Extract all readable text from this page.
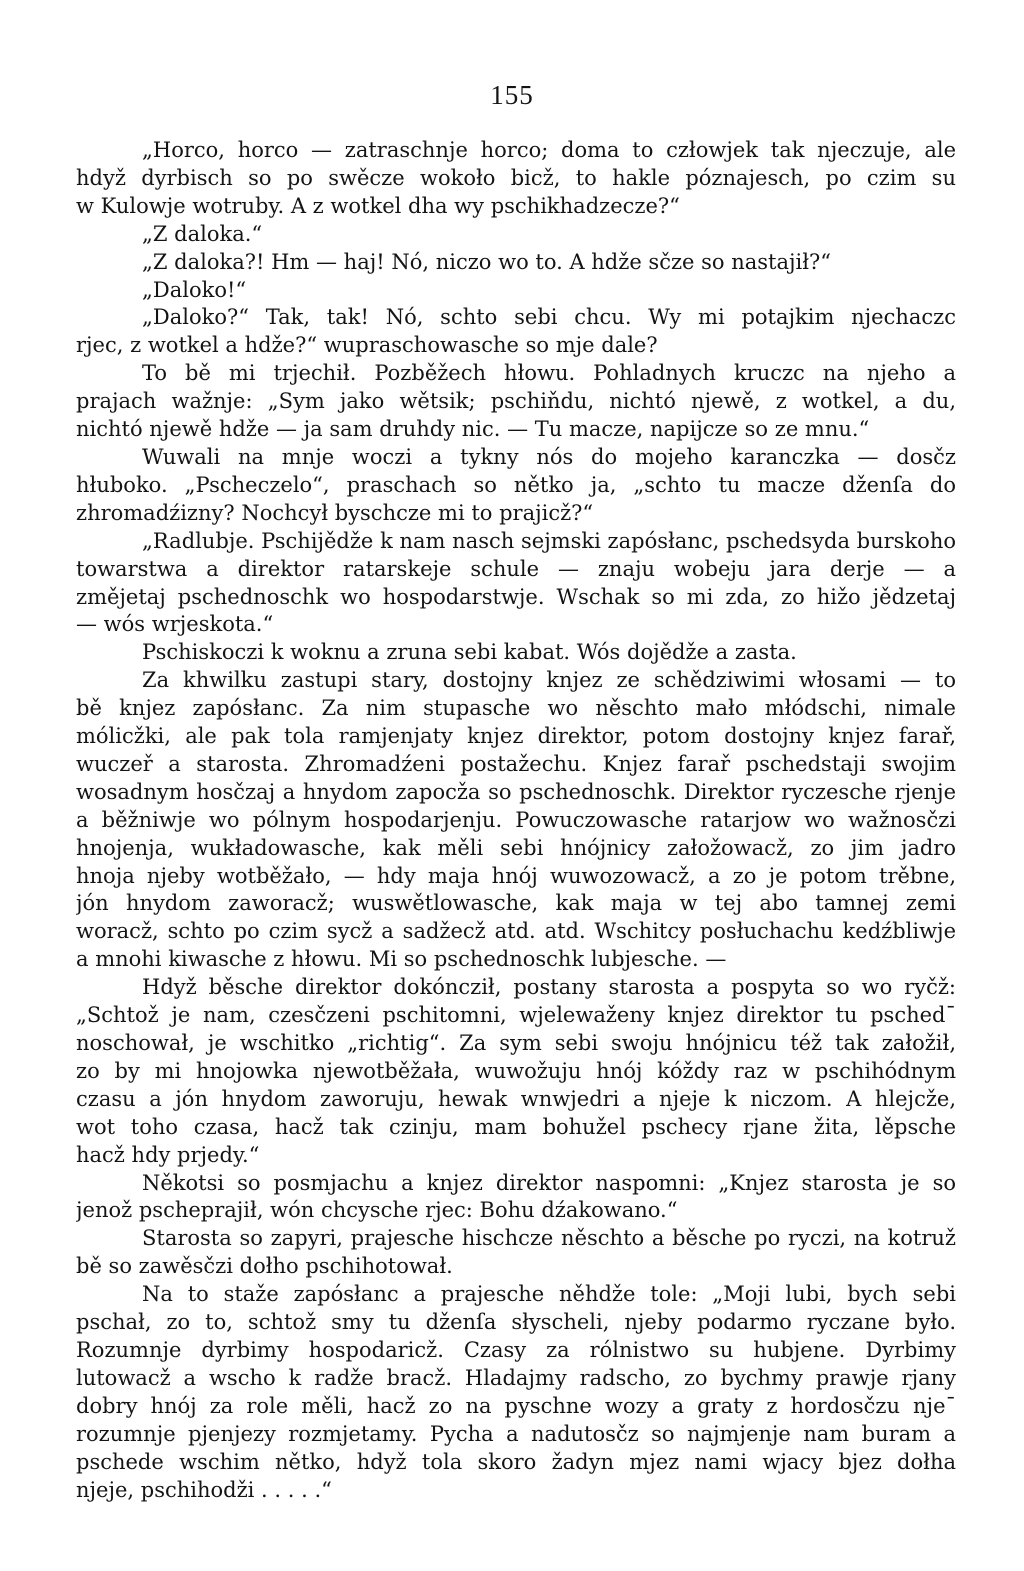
155
„Horco, horco — zatraschnje horco; doma to człowjek tak njeczuje, ale
hdyž dyrbisch so po swěcze wokoło bicž, to hakle póznajesch, po czim su
w Kulowje wotruby. A z wotkel dha wy pschikhadzecze?“
„Z daloka.“
„Z daloka?! Hm — haj! Nó, niczo wo to. A hdže sčze so nastajił?“
„Daloko!“
„Daloko?“ Tak, tak! Nó, schto sebi chcu. Wy mi potajkim njechaczc
rjec, z wotkel a hdže?“ wupraschowasche so mje dale?
To bě mi trjechił. Pozběžech hłowu. Pohladnych kruczc na njeho a
prajach wažnje: „Sym jako wětsik; pschiňdu, nichtó njewě, z wotkel, a du,
nichtó njewě hdže — ja sam druhdy nic. — Tu macze, napijcze so ze mnu.“
Wuwali na mnje woczi a tykny nós do mojeho karanczka — dosčz
hłuboko. „Pscheczelo“, praschach so nětko ja, „schto tu macze dženſa do
zhromadźizny? Nochcył byschcze mi to prajicž?“
„Radlubje. Pschijědže k nam nasch sejmski zapósłanc, pschedsyda burskoho
towarstwa a direktor ratarskeje schule — znaju wobeju jara derje — a
změjetaj pschednoschk wo hospodarstwje. Wschak so mi zda, zo hižo jědzetaj
— wós wrjeskota.“
Pschiskoczi k woknu a zruna sebi kabat. Wós dojědže a zasta.
Za khwilku zastupi stary, dostojny knjez ze schědziwimi włosami — to
bě knjez zapósłanc. Za nim stupasche wo něschto mało młódschi, nimale
mólicžki, ale pak tola ramjenjaty knjez direktor, potom dostojny knjez farař,
wuczeř a starosta. Zhromadźeni postažechu. Knjez farař pschedstaji swojim
wosadnym hosčzaj a hnydom zapocža so pschednoschk. Direktor ryczesche rjenje
a běžniwje wo pólnym hospodarjenju. Powuczowasche ratarjow wo wažnosčzi
hnojenja, wukładowasche, kak měli sebi hnójnicy załožowacž, zo jim jadro
hnoja njeby wotběžało, — hdy maja hnój wuwozowacž, a zo je potom trěbne,
jón hnydom zaworacž; wuswětlowasche, kak maja w tej abo tamnej zemi
woracž, schto po czim sycž a sadžecž atd. atd. Wschitcy posłuchachu kedźbliwje
a mnohi kiwasche z hłowu. Mi so pschednoschk lubjesche. —
Hdyž běsche direktor dokóncził, postany starosta a pospyta so wo ryčž:
„Schtož je nam, czesčzeni pschitomni, wjelewaženy knjez direktor tu pschedˉ
noschował, je wschitko „richtig“. Za sym sebi swoju hnójnicu též tak załožił,
zo by mi hnojowka njewotběžała, wuwožuju hnój kóždy raz w pschihódnym
czasu a jón hnydom zaworuju, hewak wnwjedri a njeje k niczom. A hlejcže,
wot toho czasa, hacž tak czinju, mam bohužel pschecy rjane žita, lěpsche
hacž hdy prjedy.“
Někotsi so posmjachu a knjez direktor naspomni: „Knjez starosta je so
jenož pscheprajił, wón chcysche rjec: Bohu dźakowano.“
Starosta so zapyri, prajesche hischcze něschto a běsche po ryczi, na kotruž
bě so zawěsčzi dołho pschihotował.
Na to staže zapósłanc a prajesche něhdže tole: „Moji lubi, bych sebi
pschał, zo to, schtož smy tu dženſa słyscheli, njeby podarmo ryczane było.
Rozumnje dyrbimy hospodaricž. Czasy za rólnistwo su hubjene. Dyrbimy
lutowacž a wscho k radže bracž. Hladajmy radscho, zo bychmy prawje rjany
dobry hnój za role měli, hacž zo na pyschne wozy a graty z hordosčzu njeˉ
rozumnje pjenjezy rozmjetamy. Pycha a nadutosčz so najmjenje nam buram a
pschede wschim nětko, hdyž tola skoro žadyn mjez nami wjacy bjez dołha
njeje, pschihodži . . . . .“
